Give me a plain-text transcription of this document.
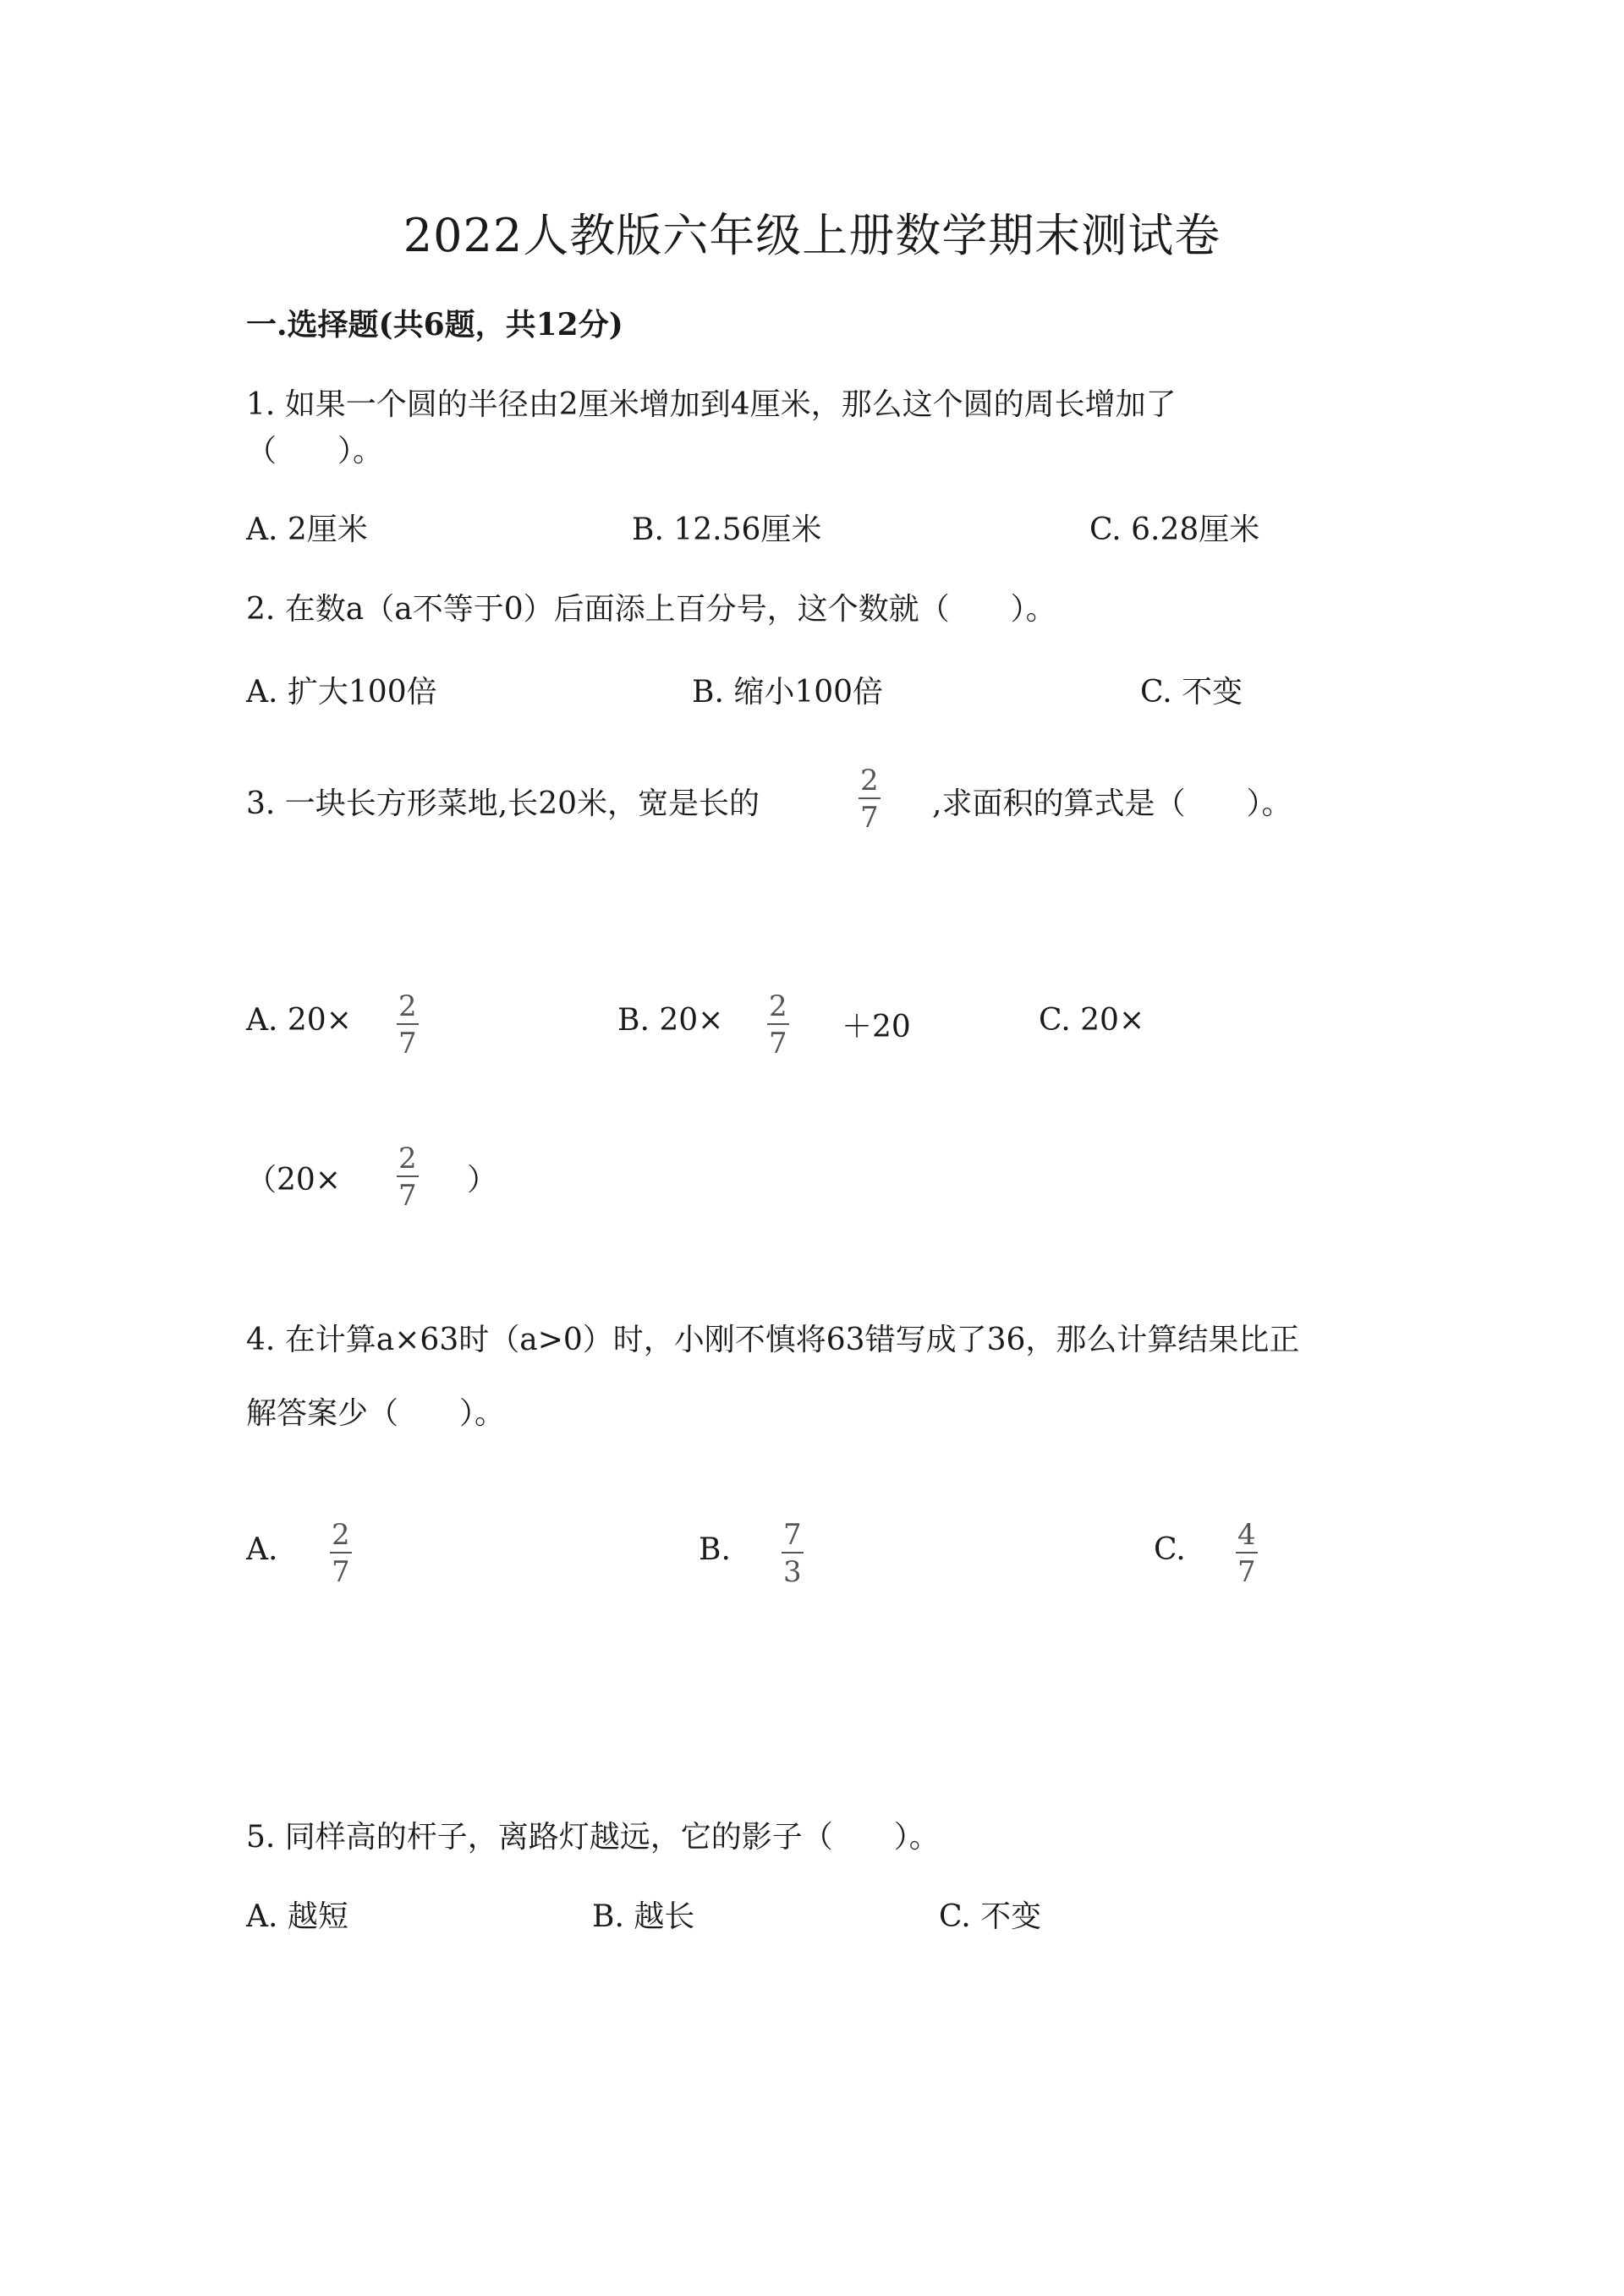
2022人教版六年级上册数学期末测试卷
一.选择题(共6题，共12分)
1. 如果一个圆的半径由2厘米增加到4厘米，那么这个圆的周长增加了
（　　）。
A. 2厘米	B. 12.56厘米	C. 6.28厘米
2. 在数a（a不等于0）后面添上百分号，这个数就（　　）。
A. 扩大100倍	B. 缩小100倍	C. 不变
3. 一块长方形菜地,长20米，宽是长的
2
7 ,求面积的算式是（　　）。
A. 20× 2
7
B. 20× 2
7 ＋20	C. 20×
（20×
2
7 ）
4. 在计算a×63时（a>0）时，小刚不慎将63错写成了36，那么计算结果比正
解答案少（　　）。
A. 2
7
B. 7
3
C. 4
7
5. 同样高的杆子，离路灯越远，它的影子（　　）。
A. 越短	B. 越长	C. 不变
